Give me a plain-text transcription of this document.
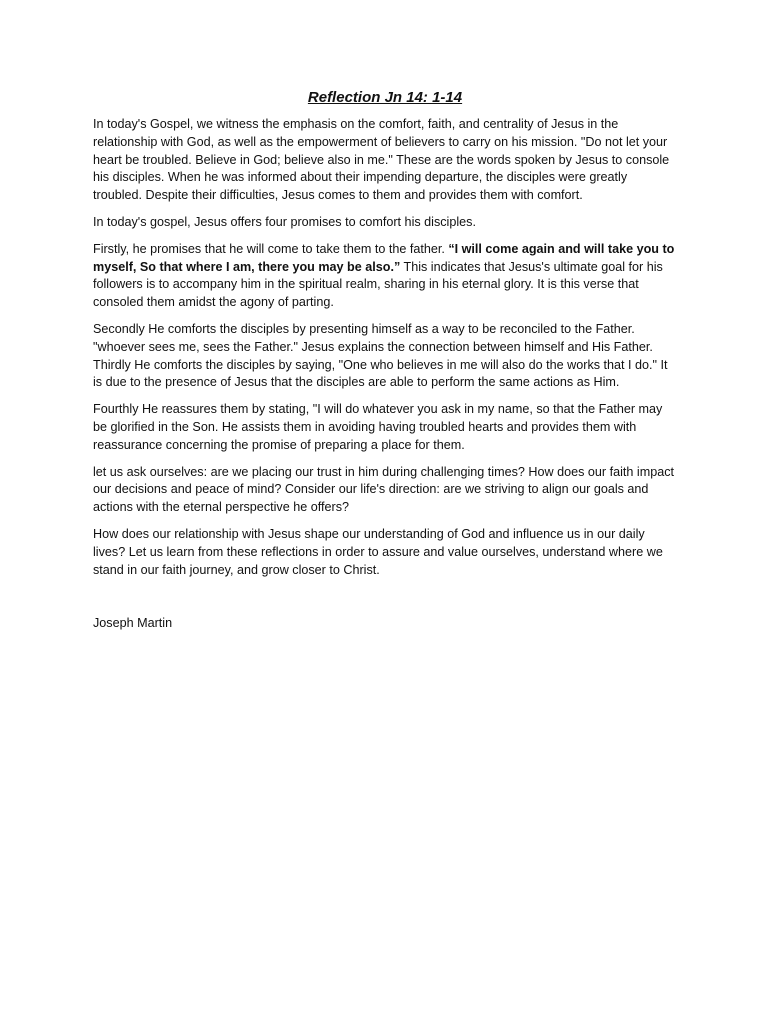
Reflection Jn 14: 1-14

In today's Gospel, we witness the emphasis on the comfort, faith, and centrality of Jesus in the relationship with God, as well as the empowerment of believers to carry on his mission. "Do not let your heart be troubled. Believe in God; believe also in me." These are the words spoken by Jesus to console his disciples. When he was informed about their impending departure, the disciples were greatly troubled. Despite their difficulties, Jesus comes to them and provides them with comfort.

In today's gospel, Jesus offers four promises to comfort his disciples.

Firstly, he promises that he will come to take them to the father. “I will come again and will take you to myself, So that where I am, there you may be also.” This indicates that Jesus's ultimate goal for his followers is to accompany him in the spiritual realm, sharing in his eternal glory. It is this verse that consoled them amidst the agony of parting.

Secondly He comforts the disciples by presenting himself as a way to be reconciled to the Father. "whoever sees me, sees the Father." Jesus explains the connection between himself and His Father. Thirdly He comforts the disciples by saying, "One who believes in me will also do the works that I do." It is due to the presence of Jesus that the disciples are able to perform the same actions as Him.

Fourthly He reassures them by stating, "I will do whatever you ask in my name, so that the Father may be glorified in the Son. He assists them in avoiding having troubled hearts and provides them with reassurance concerning the promise of preparing a place for them.

let us ask ourselves: are we placing our trust in him during challenging times? How does our faith impact our decisions and peace of mind? Consider our life's direction: are we striving to align our goals and actions with the eternal perspective he offers?

How does our relationship with Jesus shape our understanding of God and influence us in our daily lives? Let us learn from these reflections in order to assure and value ourselves, understand where we stand in our faith journey, and grow closer to Christ.

Joseph Martin
